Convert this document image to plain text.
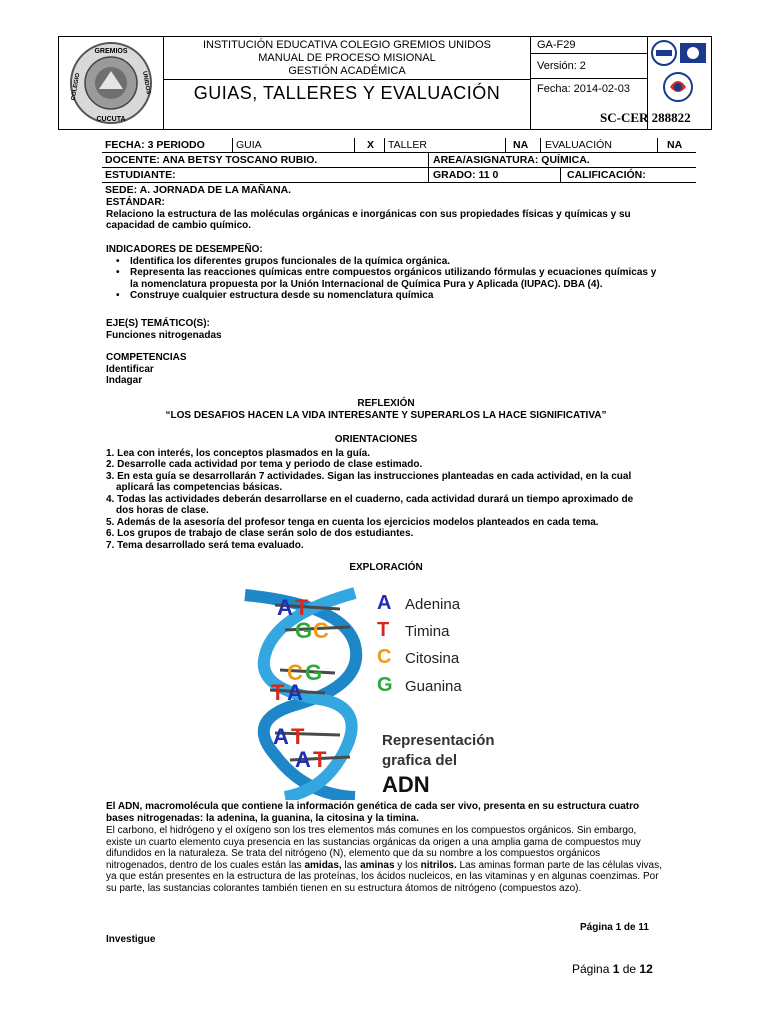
GREMIOS
CUCUTA
COLEGIO	UNIDOS
INSTITUCIÓN EDUCATIVA COLEGIO GREMIOS UNIDOS
MANUAL DE PROCESO MISIONAL
GESTIÓN ACADÉMICA
GUIAS, TALLERES Y EVALUACIÓN
GA-F29
Versión: 2
Fecha: 2014-02-03
SC-CER 288822
FECHA: 3 PERIODO	GUIA	X TALLER	NA EVALUACIÓN	NA
DOCENTE: ANA BETSY TOSCANO RUBIO.	AREA/ASIGNATURA: QUÍMICA.
ESTUDIANTE:	GRADO: 11 0	CALIFICACIÓN:
SEDE: A. JORNADA DE LA MAÑANA.
ESTÁNDAR:
Relaciono la estructura de las moléculas orgánicas e inorgánicas con sus propiedades físicas y químicas y su capacidad de cambio químico.
INDICADORES DE DESEMPEÑO:
• Identifica los diferentes grupos funcionales de la química orgánica.
• Representa las reacciones químicas entre compuestos orgánicos utilizando fórmulas y ecuaciones químicas y la nomenclatura propuesta por la Unión Internacional de Química Pura y Aplicada (IUPAC). DBA (4).
• Construye cualquier estructura desde su nomenclatura química
EJE(S) TEMÁTICO(S):
Funciones nitrogenadas
COMPETENCIAS
Identificar
Indagar
REFLEXIÓN
“LOS DESAFIOS HACEN LA VIDA INTERESANTE Y SUPERARLOS LA HACE SIGNIFICATIVA”
ORIENTACIONES
1. Lea con interés, los conceptos plasmados en la guía.
2. Desarrolle cada actividad por tema y periodo de clase estimado.
3. En esta guía se desarrollarán 7 actividades. Sigan las instrucciones planteadas en cada actividad, en la cual aplicará las competencias básicas.
4. Todas las actividades deberán desarrollarse en el cuaderno, cada actividad durará un tiempo aproximado de dos horas de clase.
5. Además de la asesoría del profesor tenga en cuenta los ejercicios modelos planteados en cada tema.
6. Los grupos de trabajo de clase serán solo de dos estudiantes.
7. Tema desarrollado será tema evaluado.
EXPLORACIÓN
A T
G C
C G
T A
A T
A T
A Adenina
T Timina
C Citosina
G Guanina
Representación
grafica del
ADN
El ADN, macromolécula que contiene la información genética de cada ser vivo, presenta en su estructura cuatro bases nitrogenadas: la adenina, la guanina, la citosina y la timina.
El carbono, el hidrógeno y el oxígeno son los tres elementos más comunes en los compuestos orgánicos. Sin embargo, existe un cuarto elemento cuya presencia en las sustancias orgánicas da origen a una amplia gama de compuestos muy difundidos en la naturaleza. Se trata del nitrógeno (N), elemento que da su nombre a los compuestos orgánicos nitrogenados, dentro de los cuales están las amidas, las aminas y los nitrilos. Las aminas forman parte de las células vivas, ya que están presentes en la estructura de las proteínas, los ácidos nucleicos, en las vitaminas y en algunas coenzimas. Por su parte, las sustancias colorantes también tienen en su estructura átomos de nitrógeno (compuestos azo).
Página 1 de 11
Investigue
Página 1 de 12
